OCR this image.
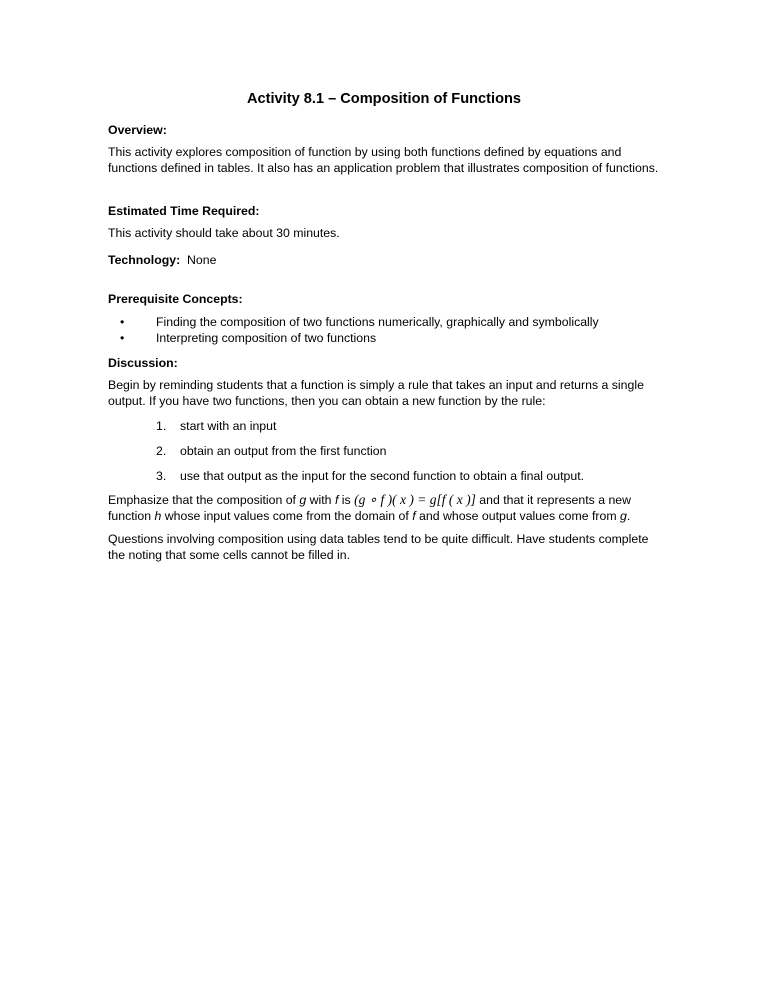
Activity 8.1 – Composition of Functions

Overview:

This activity explores composition of function by using both functions defined by equations and functions defined in tables. It also has an application problem that illustrates composition of functions.

Estimated Time Required:

This activity should take about 30 minutes.

Technology: None

Prerequisite Concepts:

•	Finding the composition of two functions numerically, graphically and symbolically
•	Interpreting composition of two functions

Discussion:

Begin by reminding students that a function is simply a rule that takes an input and returns a single output. If you have two functions, then you can obtain a new function by the rule:

1. start with an input
2. obtain an output from the first function
3. use that output as the input for the second function to obtain a final output.

Emphasize that the composition of g with f is (g ∘ f )( x ) = g[f ( x )] and that it represents a new function h whose input values come from the domain of f and whose output values come from g.

Questions involving composition using data tables tend to be quite difficult. Have students complete the noting that some cells cannot be filled in.
